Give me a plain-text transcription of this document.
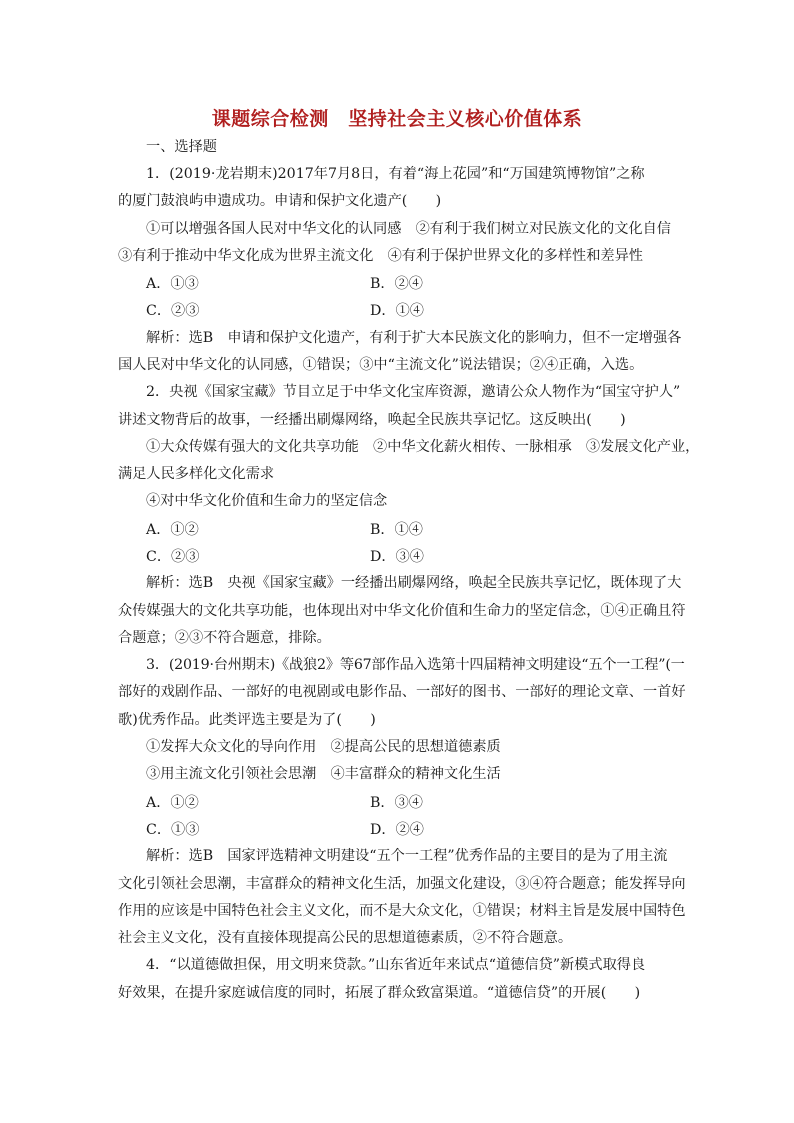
课题综合检测　坚持社会主义核心价值体系
一、选择题
1．(2019·龙岩期末)2017年7月8日，有着“海上花园”和“万国建筑博物馆”之称
的厦门鼓浪屿申遗成功。申请和保护文化遗产(　　)
①可以增强各国人民对中华文化的认同感　②有利于我们树立对民族文化的文化自信
③有利于推动中华文化成为世界主流文化　④有利于保护世界文化的多样性和差异性
A．①③	B．②④
C．②③	D．①④
解析：选B　申请和保护文化遗产，有利于扩大本民族文化的影响力，但不一定增强各
国人民对中华文化的认同感，①错误；③中“主流文化”说法错误；②④正确，入选。
2．央视《国家宝藏》节目立足于中华文化宝库资源，邀请公众人物作为“国宝守护人”
讲述文物背后的故事，一经播出刷爆网络，唤起全民族共享记忆。这反映出(　　)
①大众传媒有强大的文化共享功能　②中华文化薪火相传、一脉相承　③发展文化产业，
满足人民多样化文化需求
④对中华文化价值和生命力的坚定信念
A．①②	B．①④
C．②③	D．③④
解析：选B　央视《国家宝藏》一经播出刷爆网络，唤起全民族共享记忆，既体现了大
众传媒强大的文化共享功能，也体现出对中华文化价值和生命力的坚定信念，①④正确且符
合题意；②③不符合题意，排除。
3．(2019·台州期末)《战狼2》等67部作品入选第十四届精神文明建设“五个一工程”(一
部好的戏剧作品、一部好的电视剧或电影作品、一部好的图书、一部好的理论文章、一首好
歌)优秀作品。此类评选主要是为了(　　)
①发挥大众文化的导向作用　②提高公民的思想道德素质
③用主流文化引领社会思潮　④丰富群众的精神文化生活
A．①②	B．③④
C．①③	D．②④
解析：选B　国家评选精神文明建设“五个一工程”优秀作品的主要目的是为了用主流
文化引领社会思潮，丰富群众的精神文化生活，加强文化建设，③④符合题意；能发挥导向
作用的应该是中国特色社会主义文化，而不是大众文化，①错误；材料主旨是发展中国特色
社会主义文化，没有直接体现提高公民的思想道德素质，②不符合题意。
4．“以道德做担保，用文明来贷款。”山东省近年来试点“道德信贷”新模式取得良
好效果，在提升家庭诚信度的同时，拓展了群众致富渠道。“道德信贷”的开展(　　)
